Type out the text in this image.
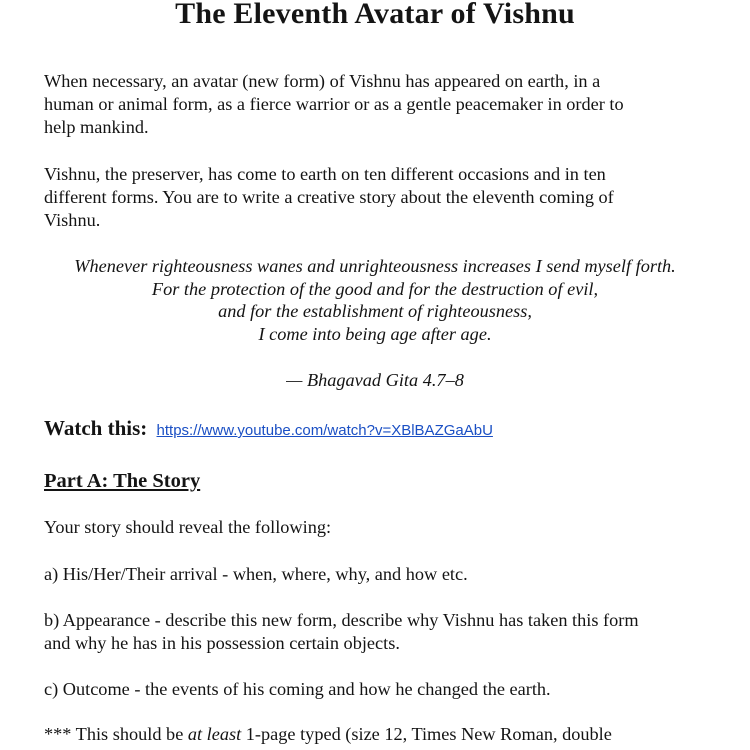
The Eleventh Avatar of Vishnu

When necessary, an avatar (new form) of Vishnu has appeared on earth, in a
human or animal form, as a fierce warrior or as a gentle peacemaker in order to
help mankind.

Vishnu, the preserver, has come to earth on ten different occasions and in ten
different forms. You are to write a creative story about the eleventh coming of
Vishnu.

Whenever righteousness wanes and unrighteousness increases I send myself forth.
For the protection of the good and for the destruction of evil,
and for the establishment of righteousness,
I come into being age after age.

— Bhagavad Gita 4.7–8

Watch this: https://www.youtube.com/watch?v=XBlBAZGaAbU

Part A: The Story

Your story should reveal the following:

a) His/Her/Their arrival - when, where, why, and how etc.

b) Appearance - describe this new form, describe why Vishnu has taken this form
and why he has in his possession certain objects.

c) Outcome - the events of his coming and how he changed the earth.

*** This should be at least 1-page typed (size 12, Times New Roman, double
